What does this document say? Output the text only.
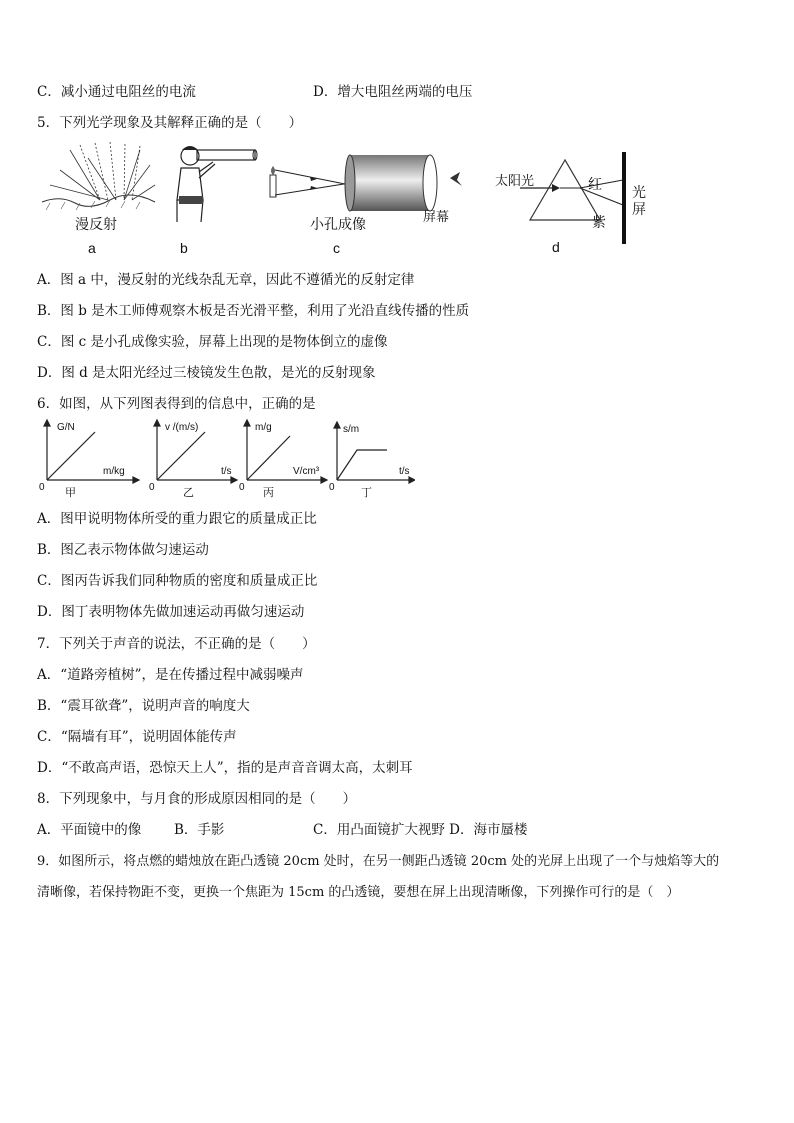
C．减小通过电阻丝的电流	D．增大电阻丝两端的电压
5．下列光学现象及其解释正确的是（　　）
漫反射
a	b
小孔成像	屏幕
c
太阳光	红
紫
光屏
d
A．图 a 中，漫反射的光线杂乱无章，因此不遵循光的反射定律
B．图 b 是木工师傅观察木板是否光滑平整，利用了光沿直线传播的性质
C．图 c 是小孔成像实验，屏幕上出现的是物体倒立的虚像
D．图 d 是太阳光经过三棱镜发生色散，是光的反射现象
6．如图，从下列图表得到的信息中，正确的是
G/N
m/kg
0 甲
v /(m/s)
t/s
0	乙
m/g
V/cm³
0 丙
s/m
t/s
0 丁
A．图甲说明物体所受的重力跟它的质量成正比
B．图乙表示物体做匀速运动
C．图丙告诉我们同种物质的密度和质量成正比
D．图丁表明物体先做加速运动再做匀速运动
7．下列关于声音的说法，不正确的是（　　）
A．“道路旁植树”，是在传播过程中减弱噪声
B．“震耳欲聋”，说明声音的响度大
C．“隔墙有耳”，说明固体能传声
D．“不敢高声语，恐惊天上人”，指的是声音音调太高，太刺耳
8．下列现象中，与月食的形成原因相同的是（　　）
A．平面镜中的像 B．手影	C．用凸面镜扩大视野 D．海市蜃楼
9．如图所示，将点燃的蜡烛放在距凸透镜 20cm 处时，在另一侧距凸透镜 20cm 处的光屏上出现了一个与烛焰等大的
清晰像，若保持物距不变，更换一个焦距为 15cm 的凸透镜，要想在屏上出现清晰像，下列操作可行的是（　）
